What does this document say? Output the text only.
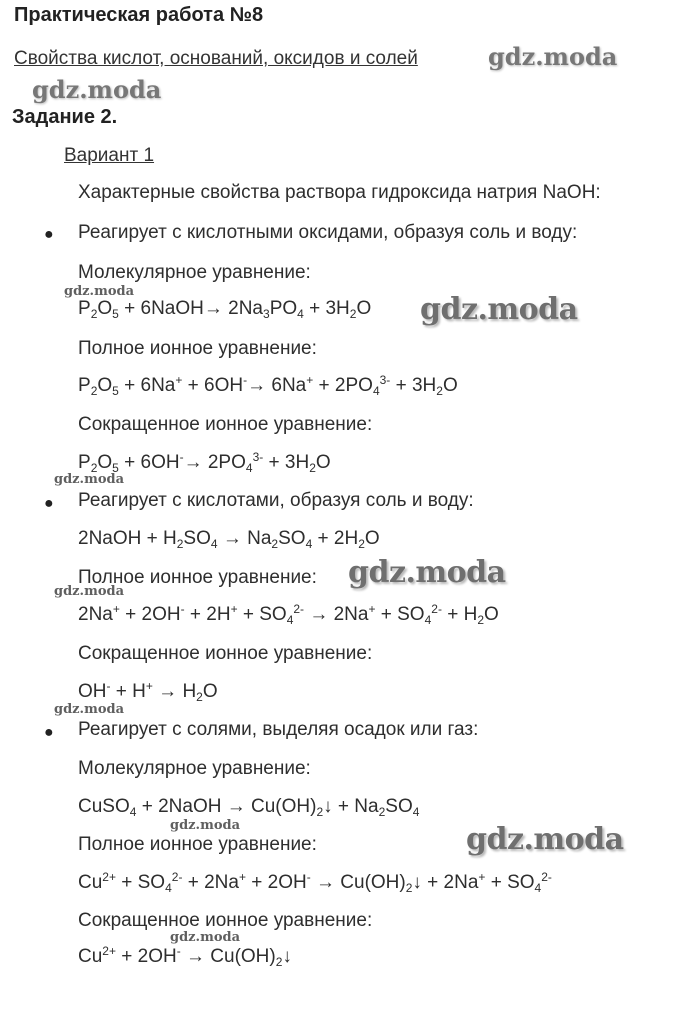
Практическая работа №8
Свойства кислот, оснований, оксидов и солей
Задание 2.
Вариант 1
Характерные свойства раствора гидроксида натрия NaOH:
● Реагирует с кислотными оксидами, образуя соль и воду:
Молекулярное уравнение:
$P_2O_5$ + 6NaOH→ $2Na_3PO_4 + 3H_2O$
Полное ионное уравнение:
$P_2O_5 + 6Na^+ + 6OH^-\to 6Na^+ + 2PO_4^{3-} + 3H_2O$
Сокращенное ионное уравнение:
$P_2O_5 + 6OH^-\to 2PO_4^{3-} + 3H_2O$
● Реагирует с кислотами, образуя соль и воду:
2NaOH + $H_2SO_4 \to Na_2SO_4 + 2H_2O$
Полное ионное уравнение:
$2Na^+ + 2OH^- + 2H^+ + SO_4^{2-} \to 2Na^+ + SO_4^{2-} + H_2O$
Сокращенное ионное уравнение:
$OH^- + H^+ \to H_2O$
● Реагирует с солями, выделяя осадок или газ:
Молекулярное уравнение:
CuSO$_4$ + 2NaOH → $Cu(OH)_2↓ + Na_2SO_4$
Полное ионное уравнение:
$Cu^{2+} + SO_4^{2-} + 2Na^+ + 2OH^-$ → $Cu(OH)_2↓ + 2Na^+ + SO_4^{2-}$
Сокращенное ионное уравнение:
$Cu^{2+} + 2OH^-$ → $Cu(OH)_2↓$
gdz.moda
gdz.moda
gdz.moda
gdz.moda
gdz.moda
gdz.moda
gdz.moda
gdz.moda
gdz.moda	gdz.moda
gdz.moda
